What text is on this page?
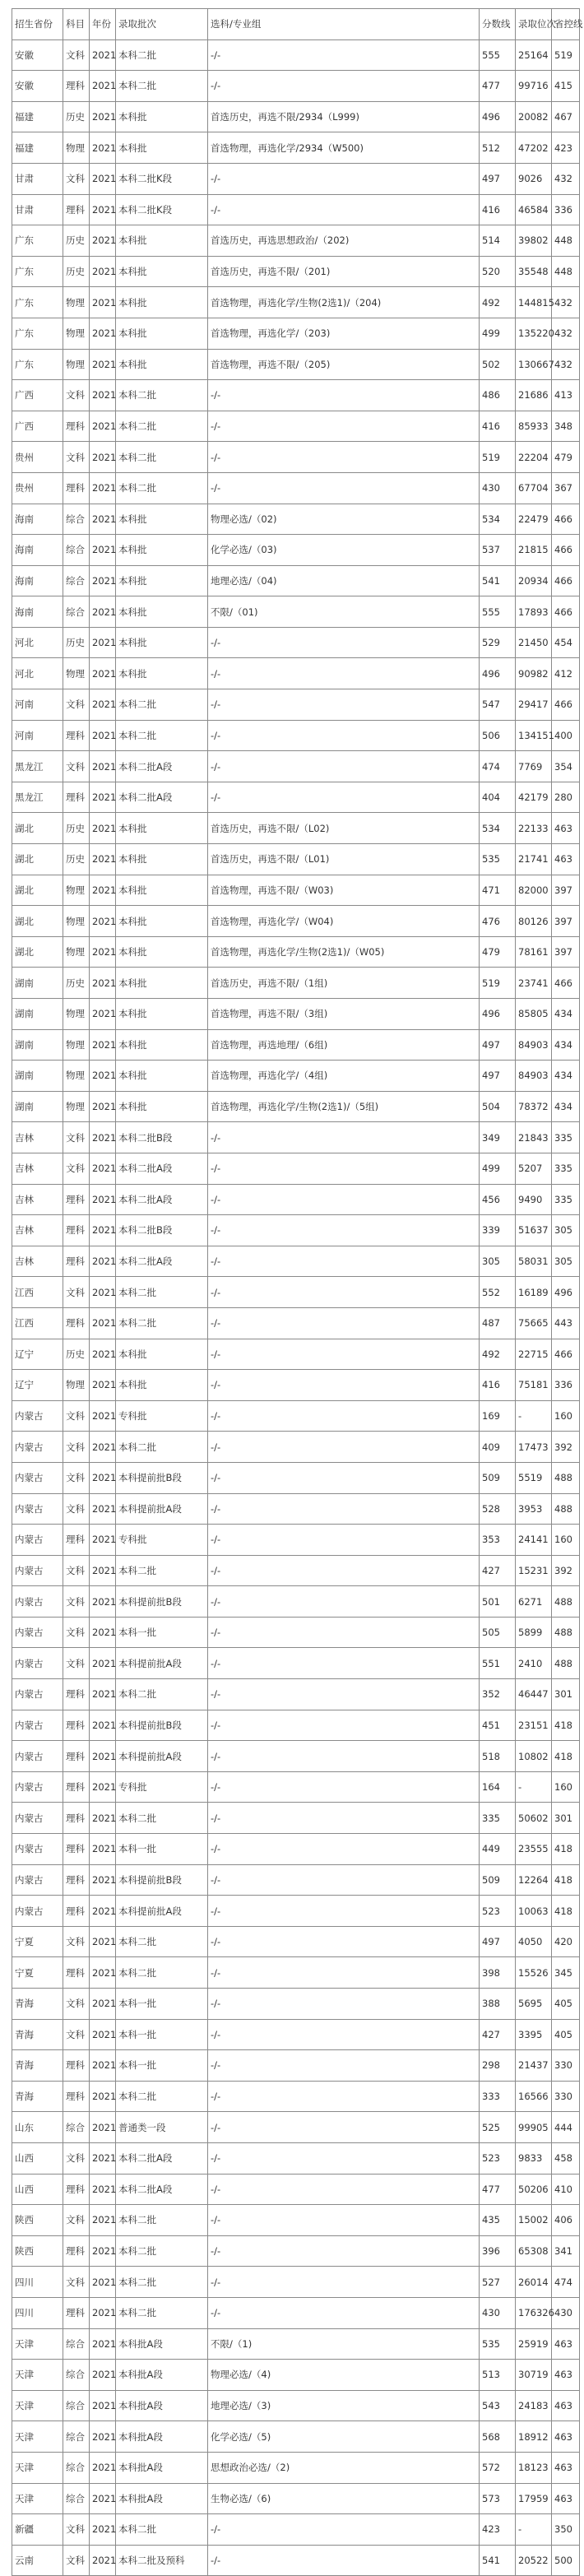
招生省份	科目	年份	录取批次	选科/专业组	分数线	录取位次	省控线
安徽	文科	2021	本科二批	-/-	555	25164	519
安徽	理科	2021	本科二批	-/-	477	99716	415
福建	历史	2021	本科批	首选历史，再选不限/2934（L999)	496	20082	467
福建	物理	2021	本科批	首选物理，再选化学/2934（W500)	512	47202	423
甘肃	文科	2021	本科二批K段	-/-	497	9026	432
甘肃	理科	2021	本科二批K段	-/-	416	46584	336
广东	历史	2021	本科批	首选历史，再选思想政治/（202)	514	39802	448
广东	历史	2021	本科批	首选历史，再选不限/（201)	520	35548	448
广东	物理	2021	本科批	首选物理，再选化学/生物(2选1)/（204)	492	144815	432
广东	物理	2021	本科批	首选物理，再选化学/（203)	499	135220	432
广东	物理	2021	本科批	首选物理，再选不限/（205)	502	130667	432
广西	文科	2021	本科二批	-/-	486	21686	413
广西	理科	2021	本科二批	-/-	416	85933	348
贵州	文科	2021	本科二批	-/-	519	22204	479
贵州	理科	2021	本科二批	-/-	430	67704	367
海南	综合	2021	本科批	物理必选/（02)	534	22479	466
海南	综合	2021	本科批	化学必选/（03)	537	21815	466
海南	综合	2021	本科批	地理必选/（04)	541	20934	466
海南	综合	2021	本科批	不限/（01)	555	17893	466
河北	历史	2021	本科批	-/-	529	21450	454
河北	物理	2021	本科批	-/-	496	90982	412
河南	文科	2021	本科二批	-/-	547	29417	466
河南	理科	2021	本科二批	-/-	506	134151	400
黑龙江	文科	2021	本科二批A段	-/-	474	7769	354
黑龙江	理科	2021	本科二批A段	-/-	404	42179	280
湖北	历史	2021	本科批	首选历史，再选不限/（L02)	534	22133	463
湖北	历史	2021	本科批	首选历史，再选不限/（L01)	535	21741	463
湖北	物理	2021	本科批	首选物理，再选不限/（W03)	471	82000	397
湖北	物理	2021	本科批	首选物理，再选化学/（W04)	476	80126	397
湖北	物理	2021	本科批	首选物理，再选化学/生物(2选1)/（W05)	479	78161	397
湖南	历史	2021	本科批	首选历史，再选不限/（1组)	519	23741	466
湖南	物理	2021	本科批	首选物理，再选不限/（3组)	496	85805	434
湖南	物理	2021	本科批	首选物理，再选地理/（6组)	497	84903	434
湖南	物理	2021	本科批	首选物理，再选化学/（4组)	497	84903	434
湖南	物理	2021	本科批	首选物理，再选化学/生物(2选1)/（5组)	504	78372	434
吉林	文科	2021	本科二批B段	-/-	349	21843	335
吉林	文科	2021	本科二批A段	-/-	499	5207	335
吉林	理科	2021	本科二批A段	-/-	456	9490	335
吉林	理科	2021	本科二批B段	-/-	339	51637	305
吉林	理科	2021	本科二批A段	-/-	305	58031	305
江西	文科	2021	本科二批	-/-	552	16189	496
江西	理科	2021	本科二批	-/-	487	75665	443
辽宁	历史	2021	本科批	-/-	492	22715	466
辽宁	物理	2021	本科批	-/-	416	75181	336
内蒙古	文科	2021	专科批	-/-	169	-	160
内蒙古	文科	2021	本科二批	-/-	409	17473	392
内蒙古	文科	2021	本科提前批B段	-/-	509	5519	488
内蒙古	文科	2021	本科提前批A段	-/-	528	3953	488
内蒙古	理科	2021	专科批	-/-	353	24141	160
内蒙古	文科	2021	本科二批	-/-	427	15231	392
内蒙古	文科	2021	本科提前批B段	-/-	501	6271	488
内蒙古	文科	2021	本科一批	-/-	505	5899	488
内蒙古	文科	2021	本科提前批A段	-/-	551	2410	488
内蒙古	理科	2021	本科二批	-/-	352	46447	301
内蒙古	理科	2021	本科提前批B段	-/-	451	23151	418
内蒙古	理科	2021	本科提前批A段	-/-	518	10802	418
内蒙古	理科	2021	专科批	-/-	164	-	160
内蒙古	理科	2021	本科二批	-/-	335	50602	301
内蒙古	理科	2021	本科一批	-/-	449	23555	418
内蒙古	理科	2021	本科提前批B段	-/-	509	12264	418
内蒙古	理科	2021	本科提前批A段	-/-	523	10063	418
宁夏	文科	2021	本科二批	-/-	497	4050	420
宁夏	理科	2021	本科二批	-/-	398	15526	345
青海	文科	2021	本科一批	-/-	388	5695	405
青海	文科	2021	本科一批	-/-	427	3395	405
青海	理科	2021	本科一批	-/-	298	21437	330
青海	理科	2021	本科二批	-/-	333	16566	330
山东	综合	2021	普通类一段	-/-	525	99905	444
山西	文科	2021	本科二批A段	-/-	523	9833	458
山西	理科	2021	本科二批A段	-/-	477	50206	410
陕西	文科	2021	本科二批	-/-	435	15002	406
陕西	理科	2021	本科二批	-/-	396	65308	341
四川	文科	2021	本科二批	-/-	527	26014	474
四川	理科	2021	本科二批	-/-	430	176326	430
天津	综合	2021	本科批A段	不限/（1)	535	25919	463
天津	综合	2021	本科批A段	物理必选/（4)	513	30719	463
天津	综合	2021	本科批A段	地理必选/（3)	543	24183	463
天津	综合	2021	本科批A段	化学必选/（5)	568	18912	463
天津	综合	2021	本科批A段	思想政治必选/（2)	572	18123	463
天津	综合	2021	本科批A段	生物必选/（6)	573	17959	463
新疆	文科	2021	本科二批	-/-	423	-	350
云南	文科	2021	本科二批及预科	-/-	541	20522	500
